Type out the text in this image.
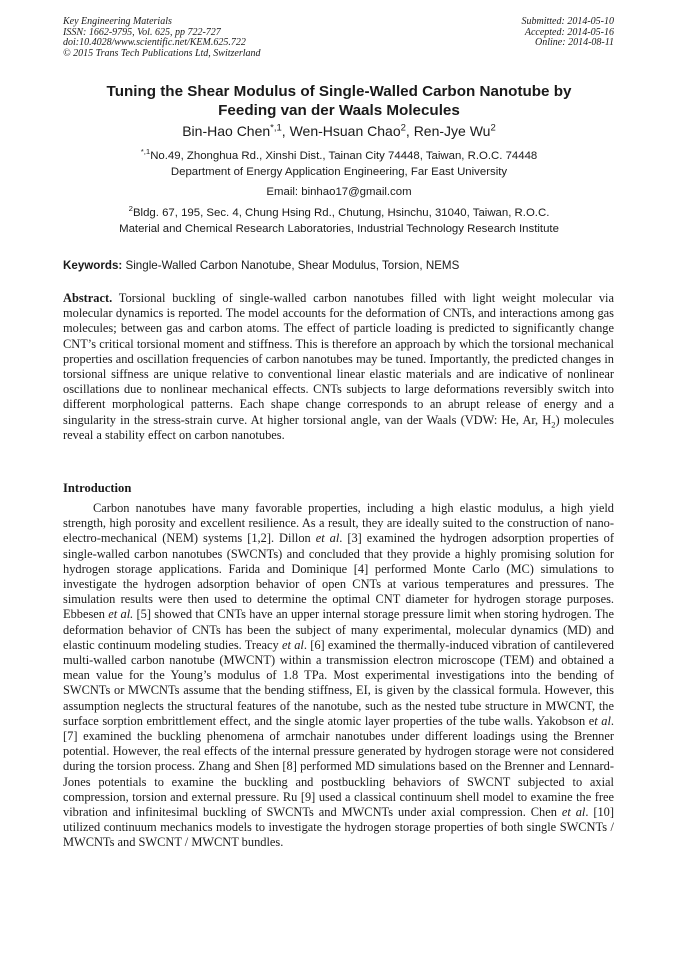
Key Engineering Materials
ISSN: 1662-9795, Vol. 625, pp 722-727
doi:10.4028/www.scientific.net/KEM.625.722
© 2015 Trans Tech Publications Ltd, Switzerland
Submitted: 2014-05-10
Accepted: 2014-05-16
Online: 2014-08-11
Tuning the Shear Modulus of Single-Walled Carbon Nanotube by
Feeding van der Waals Molecules
Bin-Hao Chen$^{*,1}$, Wen-Hsuan Chao$^2$, Ren-Jye Wu$^2$
$^{*,1}$No.49, Zhonghua Rd., Xinshi Dist., Tainan City 74448, Taiwan, R.O.C. 74448
Department of Energy Application Engineering, Far East University
Email: binhao17@gmail.com
$^2$Bldg. 67, 195, Sec. 4, Chung Hsing Rd., Chutung, Hsinchu, 31040, Taiwan, R.O.C.
Material and Chemical Research Laboratories, Industrial Technology Research Institute
Keywords: Single-Walled Carbon Nanotube, Shear Modulus, Torsion, NEMS
Abstract. Torsional buckling of single-walled carbon nanotubes filled with light weight molecular via molecular dynamics is reported. The model accounts for the deformation of CNTs, and interactions among gas molecules; between gas and carbon atoms. The effect of particle loading is predicted to significantly change CNT’s critical torsional moment and stiffness. This is therefore an approach by which the torsional mechanical properties and oscillation frequencies of carbon nanotubes may be tuned. Importantly, the predicted changes in torsional siffness are unique relative to conventional linear elastic materials and are indicative of nonlinear oscillations due to nonlinear mechanical effects. CNTs subjects to large deformations reversibly switch into different morphological patterns. Each shape change corresponds to an abrupt release of energy and a singularity in the stress-strain curve. At higher torsional angle, van der Waals (VDW: He, Ar, $H_2$) molecules reveal a stability effect on carbon nanotubes.
Introduction

Carbon nanotubes have many favorable properties, including a high elastic modulus, a high yield strength, high porosity and excellent resilience. As a result, they are ideally suited to the construction of nano-electro-mechanical (NEM) systems [1,2]. Dillon et al. [3] examined the hydrogen adsorption properties of single-walled carbon nanotubes (SWCNTs) and concluded that they provide a highly promising solution for hydrogen storage applications. Farida and Dominique [4] performed Monte Carlo (MC) simulations to investigate the hydrogen adsorption behavior of open CNTs at various temperatures and pressures. The simulation results were then used to determine the optimal CNT diameter for hydrogen storage purposes. Ebbesen et al. [5] showed that CNTs have an upper internal storage pressure limit when storing hydrogen. The deformation behavior of CNTs has been the subject of many experimental, molecular dynamics (MD) and elastic continuum modeling studies. Treacy et al. [6] examined the thermally-induced vibration of cantilevered multi-walled carbon nanotube (MWCNT) within a transmission electron microscope (TEM) and obtained a mean value for the Young’s modulus of 1.8 TPa. Most experimental investigations into the bending of SWCNTs or MWCNTs assume that the bending stiffness, EI, is given by the classical formula. However, this assumption neglects the structural features of the nanotube, such as the nested tube structure in MWCNT, the surface sorption embrittlement effect, and the single atomic layer properties of the tube walls. Yakobson et al. [7] examined the buckling phenomena of armchair nanotubes under different loadings using the Brenner potential. However, the real effects of the internal pressure generated by hydrogen storage were not considered during the torsion process. Zhang and Shen [8] performed MD simulations based on the Brenner and Lennard-Jones potentials to examine the buckling and postbuckling behaviors of SWCNT subjected to axial compression, torsion and external pressure. Ru [9] used a classical continuum shell model to examine the free vibration and infinitesimal buckling of SWCNTs and MWCNTs under axial compression. Chen et al. [10] utilized continuum mechanics models to investigate the hydrogen storage properties of both single SWCNTs / MWCNTs and SWCNT / MWCNT bundles.
